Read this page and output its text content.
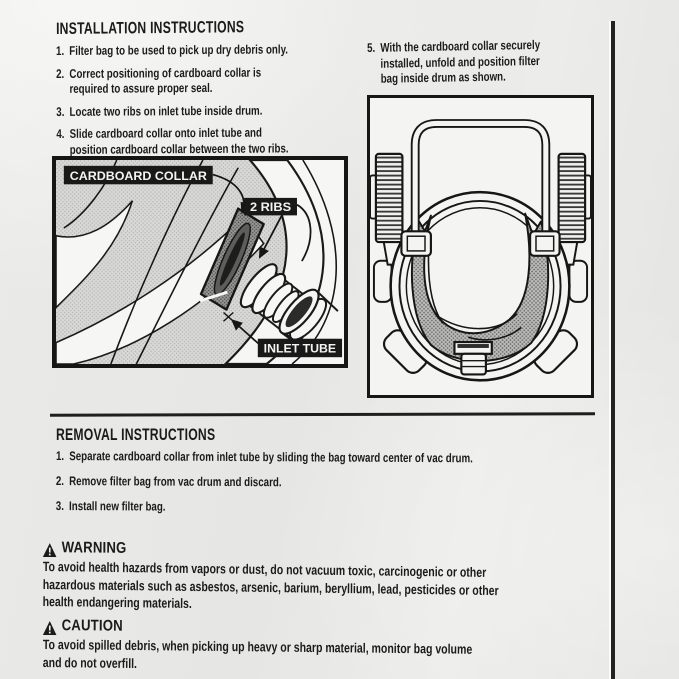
INSTALLATION INSTRUCTIONS
1. Filter bag to be used to pick up dry debris only.
2. Correct positioning of cardboard collar is
required to assure proper seal.
3. Locate two ribs on inlet tube inside drum.
4. Slide cardboard collar onto inlet tube and
position cardboard collar between the two ribs.
5. With the cardboard collar securely
installed, unfold and position filter
bag inside drum as shown.
CARDBOARD COLLAR
2 RIBS
INLET TUBE
REMOVAL INSTRUCTIONS
1. Separate cardboard collar from inlet tube by sliding the bag toward center of vac drum.
2. Remove filter bag from vac drum and discard.
3. Install new filter bag.
WARNING
To avoid health hazards from vapors or dust, do not vacuum toxic, carcinogenic or other
hazardous materials such as asbestos, arsenic, barium, beryllium, lead, pesticides or other
health endangering materials.
CAUTION
To avoid spilled debris, when picking up heavy or sharp material, monitor bag volume
and do not overfill.
